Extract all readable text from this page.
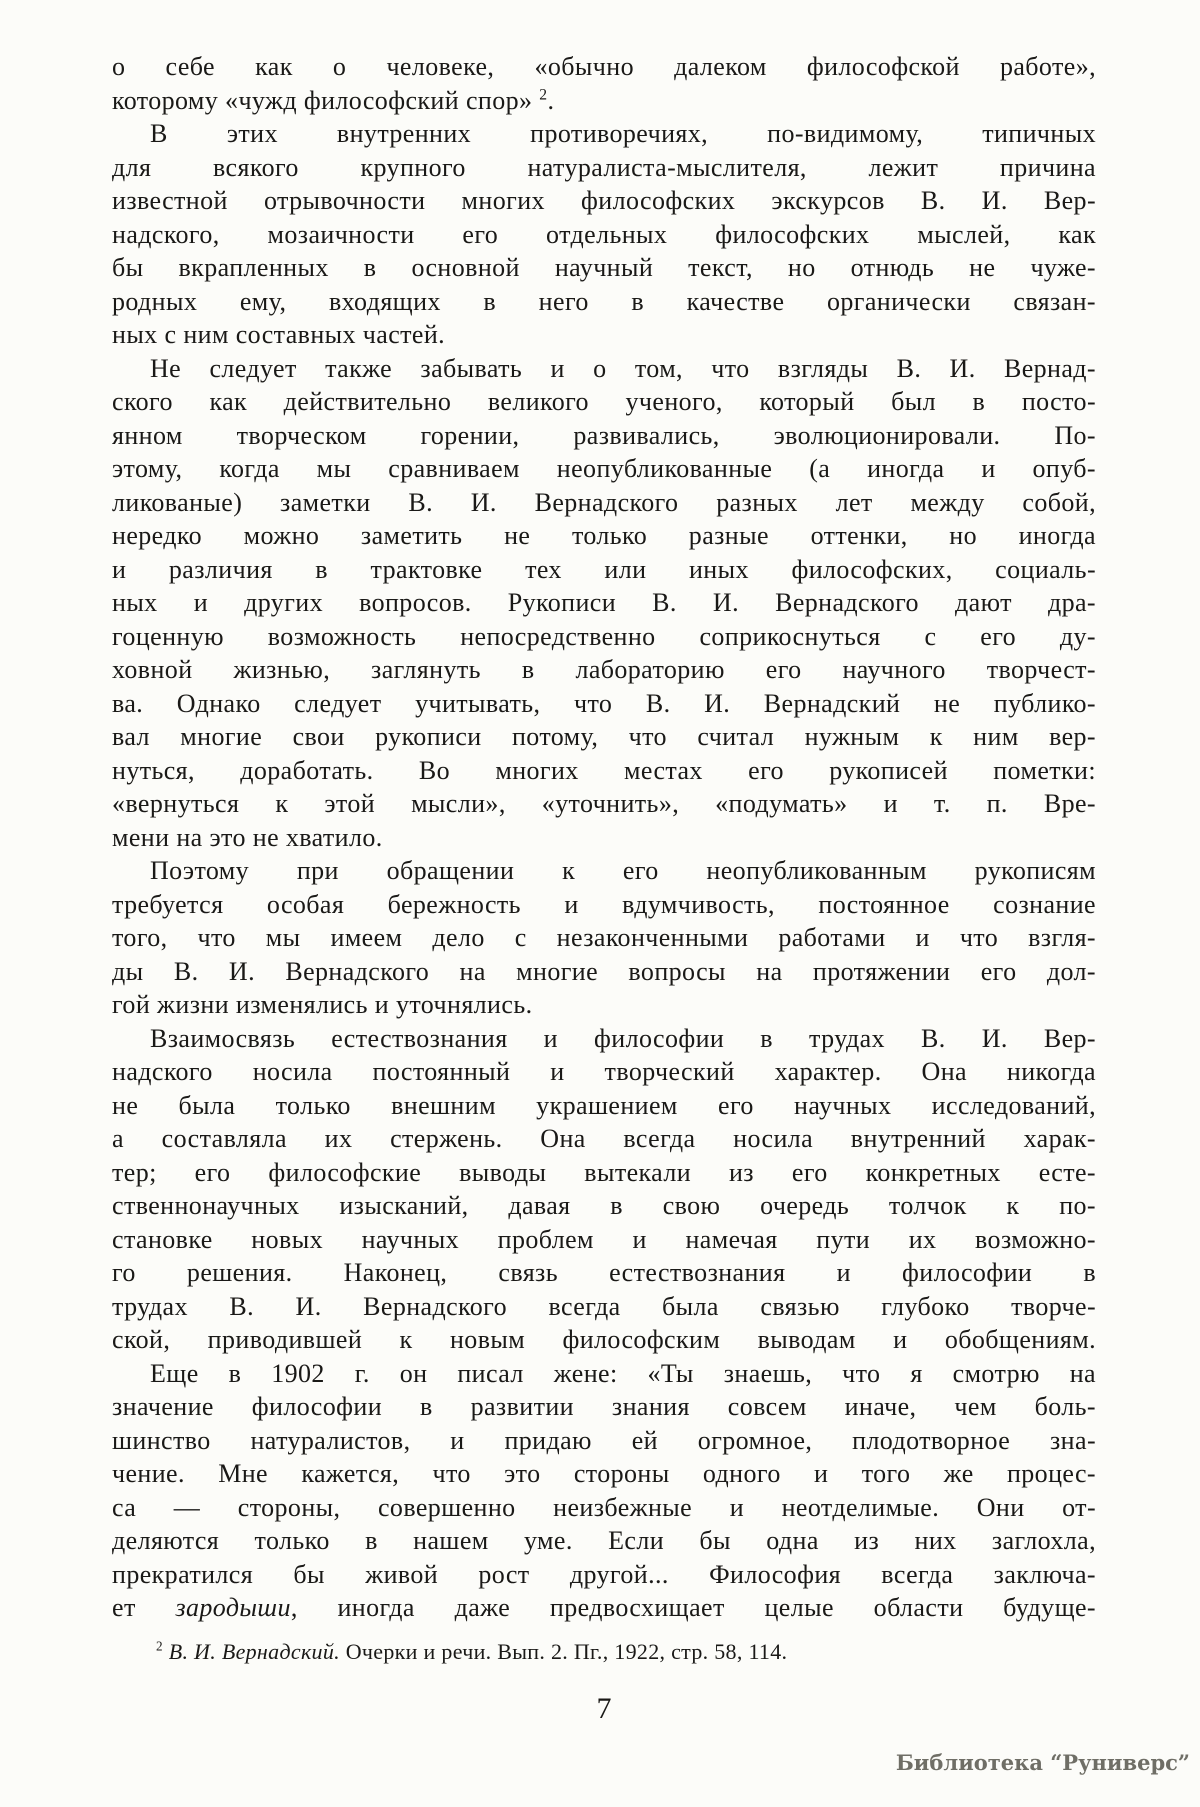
о себе как о человеке, «обычно далеком философской работе»,
которому «чужд философский спор» $^2$.
В этих внутренних противоречиях, по-видимому, типичных
для всякого крупного натуралиста-мыслителя, лежит причина
известной отрывочности многих философских экскурсов В. И. Вер-
надского, мозаичности его отдельных философских мыслей, как
бы вкрапленных в основной научный текст, но отнюдь не чуже-
родных ему, входящих в него в качестве органически связан-
ных с ним составных частей.
Не следует также забывать и о том, что взгляды В. И. Вернад-
ского как действительно великого ученого, который был в посто-
янном творческом горении, развивались, эволюционировали. По-
этому, когда мы сравниваем неопубликованные (а иногда и опуб-
ликованые) заметки В. И. Вернадского разных лет между собой,
нередко можно заметить не только разные оттенки, но иногда
и различия в трактовке тех или иных философских, социаль-
ных и других вопросов. Рукописи В. И. Вернадского дают дра-
гоценную возможность непосредственно соприкоснуться с его ду-
ховной жизнью, заглянуть в лабораторию его научного творчест-
ва. Однако следует учитывать, что В. И. Вернадский не публико-
вал многие свои рукописи потому, что считал нужным к ним вер-
нуться, доработать. Во многих местах его рукописей пометки:
«вернуться к этой мысли», «уточнить», «подумать» и т. п. Вре-
мени на это не хватило.
Поэтому при обращении к его неопубликованным рукописям
требуется особая бережность и вдумчивость, постоянное сознание
того, что мы имеем дело с незаконченными работами и что взгля-
ды В. И. Вернадского на многие вопросы на протяжении его дол-
гой жизни изменялись и уточнялись.
Взаимосвязь естествознания и философии в трудах В. И. Вер-
надского носила постоянный и творческий характер. Она никогда
не была только внешним украшением его научных исследований,
а составляла их стержень. Она всегда носила внутренний харак-
тер; его философские выводы вытекали из его конкретных есте-
ственнонаучных изысканий, давая в свою очередь толчок к по-
становке новых научных проблем и намечая пути их возможно-
го решения. Наконец, связь естествознания и философии в
трудах В. И. Вернадского всегда была связью глубоко творче-
ской, приводившей к новым философским выводам и обобщениям.
Еще в 1902 г. он писал жене: «Ты знаешь, что я смотрю на
значение философии в развитии знания совсем иначе, чем боль-
шинство натуралистов, и придаю ей огромное, плодотворное зна-
чение. Мне кажется, что это стороны одного и того же процес-
са — стороны, совершенно неизбежные и неотделимые. Они от-
деляются только в нашем уме. Если бы одна из них заглохла,
прекратился бы живой рост другой... Философия всегда заключа-
ет зародыши, иногда даже предвосхищает целые области будуще-
$^2$ В. И. Вернадский. Очерки и речи. Вып. 2. Пг., 1922, стр. 58, 114.
7
Библиотека “Руниверс”
